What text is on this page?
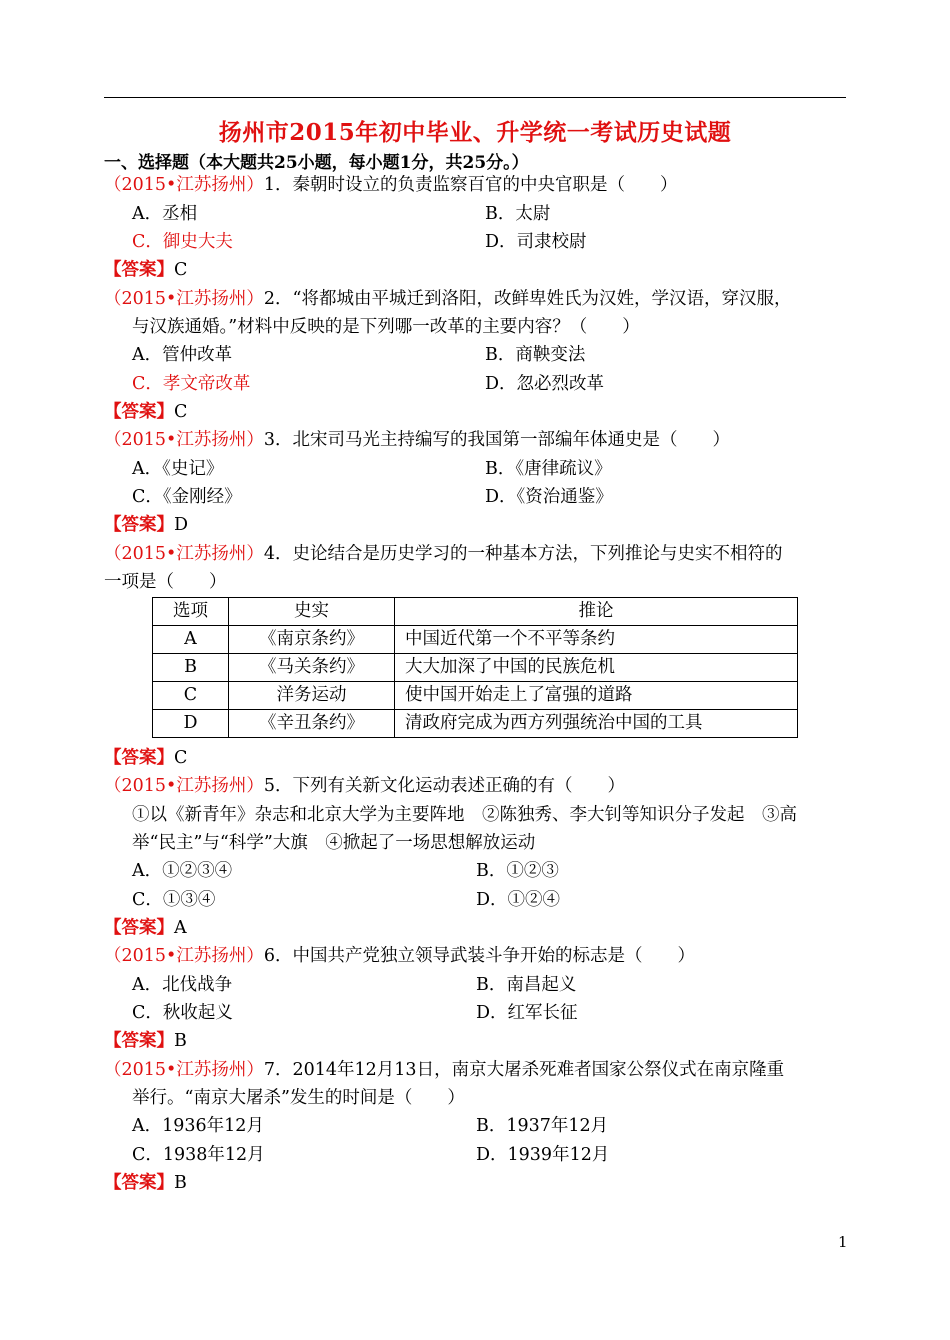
扬州市2015年初中毕业、升学统一考试历史试题
一、选择题（本大题共25小题，每小题1分，共25分。）
（2015•江苏扬州）1．秦朝时设立的负责监察百官的中央官职是（　　）
A．丞相	B．太尉
C．御史大夫	D．司隶校尉
【答案】C
（2015•江苏扬州）2．“将都城由平城迁到洛阳，改鲜卑姓氏为汉姓，学汉语，穿汉服，
与汉族通婚。”材料中反映的是下列哪一改革的主要内容？（　　）
A．管仲改革	B．商鞅变法
C．孝文帝改革	D．忽必烈改革
【答案】C
（2015•江苏扬州）3．北宋司马光主持编写的我国第一部编年体通史是（　　）
A．《史记》	B．《唐律疏议》
C．《金刚经》	D．《资治通鉴》
【答案】D
（2015•江苏扬州）4．史论结合是历史学习的一种基本方法，下列推论与史实不相符的
一项是（　　）
选项	史实	推论
A	《南京条约》	中国近代第一个不平等条约
B	《马关条约》	大大加深了中国的民族危机
C	洋务运动	使中国开始走上了富强的道路
D	《辛丑条约》	清政府完成为西方列强统治中国的工具
【答案】C
（2015•江苏扬州）5．下列有关新文化运动表述正确的有（　　）
①以《新青年》杂志和北京大学为主要阵地　②陈独秀、李大钊等知识分子发起　③高
举“民主”与“科学”大旗　④掀起了一场思想解放运动
A．①②③④	B．①②③
C．①③④	D．①②④
【答案】A
（2015•江苏扬州）6．中国共产党独立领导武装斗争开始的标志是（　　）
A．北伐战争	B．南昌起义
C．秋收起义	D．红军长征
【答案】B
（2015•江苏扬州）7．2014年12月13日，南京大屠杀死难者国家公祭仪式在南京隆重
举行。“南京大屠杀”发生的时间是（　　）
A．1936年12月	B．1937年12月
C．1938年12月	D．1939年12月
【答案】B
1
